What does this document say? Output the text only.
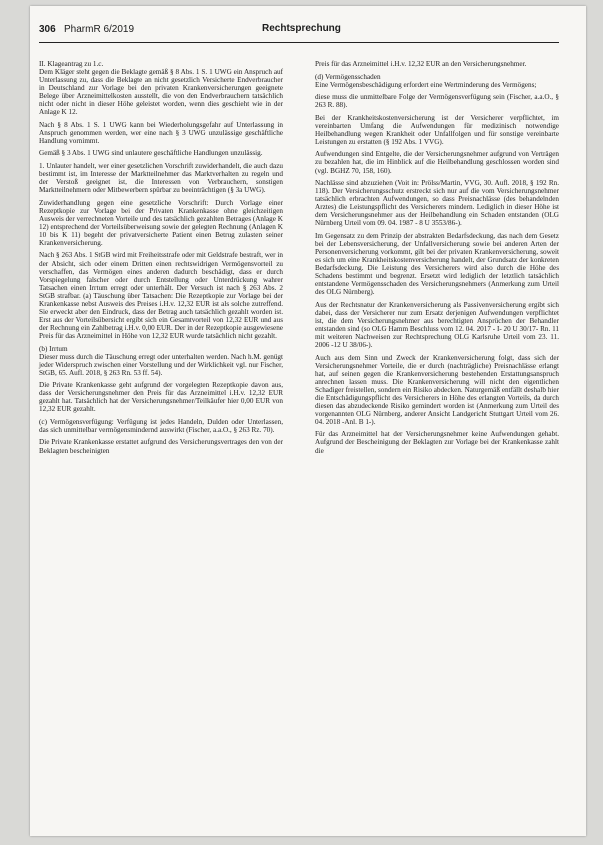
306 PharmR 6/2019	Rechtsprechung

II. Klageantrag zu 1.c.

Dem Kläger steht gegen die Beklagte gemäß § 8 Abs. 1 S. 1 UWG ein Anspruch auf Unterlassung zu, dass die Beklagte an nicht gesetzlich Versicherte Endverbraucher in Deutschland zur Vorlage bei den privaten Krankenversicherungen geeignete Belege über Arzneimittelkosten ausstellt, die von den Endverbrauchern tatsächlich nicht oder nicht in dieser Höhe geleistet worden, wenn dies geschieht wie in der Anlage K 12.

Nach § 8 Abs. 1 S. 1 UWG kann bei Wiederholungsgefahr auf Unterlassung in Anspruch genommen werden, wer eine nach § 3 UWG unzulässige geschäftliche Handlung vornimmt.

Gemäß § 3 Abs. 1 UWG sind unlautere geschäftliche Handlungen unzulässig.

1. Unlauter handelt, wer einer gesetzlichen Vorschrift zuwiderhandelt, die auch dazu bestimmt ist, im Interesse der Marktteilnehmer das Marktverhalten zu regeln und der Verstoß geeignet ist, die Interessen von Verbrauchern, sonstigen Marktteilnehmern oder Mitbewerbern spürbar zu beeinträchtigen (§ 3a UWG).

Zuwiderhandlung gegen eine gesetzliche Vorschrift: Durch Vorlage einer Rezeptkopie zur Vorlage bei der Privaten Krankenkasse ohne gleichzeitigen Ausweis der verrechneten Vorteile und des tatsächlich gezahlten Betrages (Anlage K 12) entsprechend der Vorteilsüberweisung sowie der gelegten Rechnung (Anlagen K 10 bis K 11) begeht der privatversicherte Patient einen Betrug zulasten seiner Krankenversicherung.

Nach § 263 Abs. 1 StGB wird mit Freiheitsstrafe oder mit Geldstrafe bestraft, wer in der Absicht, sich oder einem Dritten einen rechtswidrigen Vermögensvorteil zu verschaffen, das Vermögen eines anderen dadurch beschädigt, dass er durch Vorspiegelung falscher oder durch Entstellung oder Unterdrückung wahrer Tatsachen einen Irrtum erregt oder unterhält. Der Versuch ist nach § 263 Abs. 2 StGB strafbar. (a) Täuschung über Tatsachen: Die Rezeptkopie zur Vorlage bei der Krankenkasse nebst Ausweis des Preises i.H.v. 12,32 EUR ist als solche zutreffend. Sie erweckt aber den Eindruck, dass der Betrag auch tatsächlich gezahlt worden ist. Erst aus der Vorteilsübersicht ergibt sich ein Gesamtvorteil von 12,32 EUR und aus der Rechnung ein Zahlbetrag i.H.v. 0,00 EUR. Der in der Rezeptkopie ausgewiesene Preis für das Arzneimittel in Höhe von 12,32 EUR wurde tatsächlich nicht gezahlt.

(b) Irrtum

Dieser muss durch die Täuschung erregt oder unterhalten werden. Nach h.M. genügt jeder Widerspruch zwischen einer Vorstellung und der Wirklichkeit vgl. nur Fischer, StGB, 65. Aufl. 2018, § 263 Rn. 53 ff. 54).

Die Private Krankenkasse geht aufgrund der vorgelegten Rezeptkopie davon aus, dass der Versicherungsnehmer den Preis für das Arzneimittel i.H.v. 12,32 EUR gezahlt hat. Tatsächlich hat der Versicherungsnehmer/Teilkäufer hier 0,00 EUR von 12,32 EUR gezahlt.

(c) Vermögensverfügung: Verfügung ist jedes Handeln, Dulden oder Unterlassen, das sich unmittelbar vermögensmindernd auswirkt (Fischer, a.a.O., § 263 Rz. 70).

Die Private Krankenkasse erstattet aufgrund des Versicherungsvertrages den von der Beklagten bescheinigten

Preis für das Arzneimittel i.H.v. 12,32 EUR an den Versicherungsnehmer.

(d) Vermögensschaden

Eine Vermögensbeschädigung erfordert eine Wertminderung des Vermögens;

diese muss die unmittelbare Folge der Vermögensverfügung sein (Fischer, a.a.O., § 263 R. 88).

Bei der Krankheitskostenversicherung ist der Versicherer verpflichtet, im vereinbarten Umfang die Aufwendungen für medizinisch notwendige Heilbehandlung wegen Krankheit oder Unfallfolgen und für sonstige vereinbarte Leistungen zu erstatten (§ 192 Abs. 1 VVG).

Aufwendungen sind Entgelte, die der Versicherungsnehmer aufgrund von Verträgen zu bezahlen hat, die im Hinblick auf die Heilbehandlung geschlossen worden sind (vgl. BGHZ 70, 158, 160).

Nachlässe sind abzuziehen (Voit in: Prölss/Martin, VVG, 30. Aufl. 2018, § 192 Rn. 118). Der Versicherungsschutz erstreckt sich nur auf die vom Versicherungsnehmer tatsächlich erbrachten Aufwendungen, so dass Preisnachlässe (des behandelnden Arztes) die Leistungspflicht des Versicherers mindern. Lediglich in dieser Höhe ist dem Versicherungsnehmer aus der Heilbehandlung ein Schaden entstanden (OLG Nürnberg Urteil vom 09. 04. 1987 - 8 U 3553/86-).

Im Gegensatz zu dem Prinzip der abstrakten Bedarfsdeckung, das nach dem Gesetz bei der Lebensversicherung, der Unfallversicherung sowie bei anderen Arten der Personenversicherung vorkommt, gilt bei der privaten Krankenversicherung, soweit es sich um eine Krankheitskostenversicherung handelt, der Grundsatz der konkreten Bedarfsdeckung. Die Leistung des Versicherers wird also durch die Höhe des Schadens bestimmt und begrenzt. Ersetzt wird lediglich der letztlich tatsächlich entstandene Vermögensschaden des Versicherungsnehmers (Anmerkung zum Urteil des OLG Nürnberg).

Aus der Rechtsnatur der Krankenversicherung als Passivenversicherung ergibt sich dabei, dass der Versicherer nur zum Ersatz derjenigen Aufwendungen verpflichtet ist, die dem Versicherungsnehmer aus berechtigten Ansprüchen der Behandler entstanden sind (so OLG Hamm Beschluss vom 12. 04. 2017 - I- 20 U 30/17- Rn. 11 mit weiteren Nachweisen zur Rechtsprechung OLG Karlsruhe Urteil vom 23. 11. 2006 -12 U 38/06-).

Auch aus dem Sinn und Zweck der Krankenversicherung folgt, dass sich der Versicherungsnehmer Vorteile, die er durch (nachträgliche) Preisnachlässe erlangt hat, auf seinen gegen die Krankenversicherung bestehenden Erstattungsanspruch anrechnen lassen muss. Die Krankenversicherung will nicht den eigentlichen Schadiger freistellen, sondern ein Risiko abdecken. Naturgemäß entfällt deshalb hier die Entschädigungspflicht des Versicherers in Höhe des erlangten Vorteils, da durch diesen das abzudeckende Risiko gemindert worden ist (Anmerkung zum Urteil des vorgenannten OLG Nürnberg, anderer Ansicht Landgericht Stuttgart Urteil vom 26. 04. 2018 -Anl. B 1-).

Für das Arzneimittel hat der Versicherungsnehmer keine Aufwendungen gehabt. Aufgrund der Bescheinigung der Beklagten zur Vorlage bei der Krankenkasse zahlt die
